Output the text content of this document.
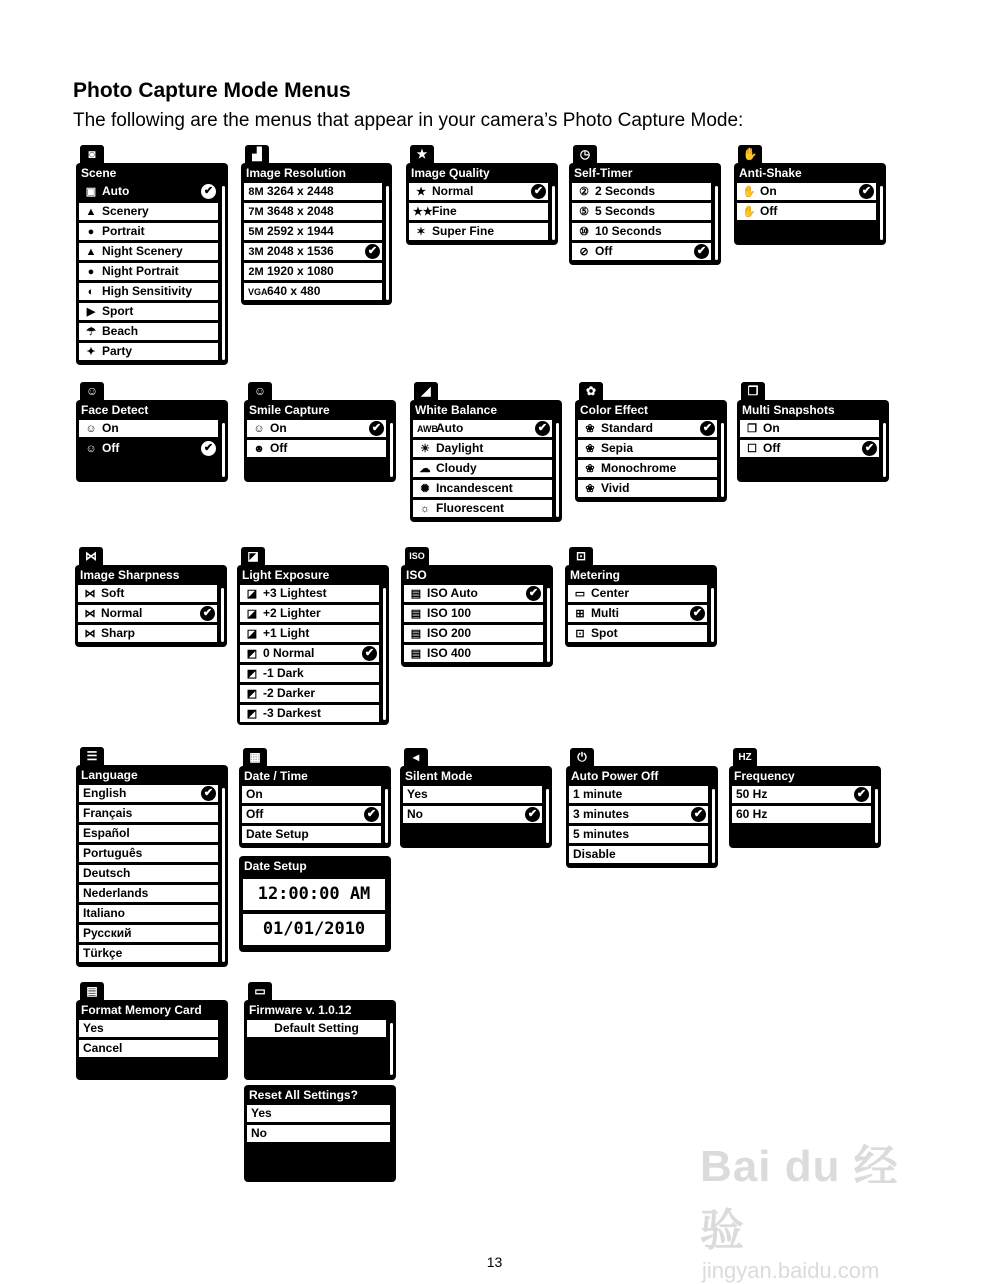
Photo Capture Mode Menus

The following are the menus that appear in your camera’s Photo Capture Mode:

◙
Scene
▣ Auto	✔
▲ Scenery
● Portrait
▲ Night Scenery
● Night Portrait
◐ High Sensitivity
▶ Sport
☂ Beach
✦ Party
▟
Image Resolution
8M 3264 x 2448
7M 3648 x 2048
5M 2592 x 1944
3M 2048 x 1536	✔
2M 1920 x 1080
VGA640 x 480
★
Image Quality
★ Normal	✔
★★Fine
✶ Super Fine
◷
Self-Timer
② 2 Seconds
⑤ 5 Seconds
⑩ 10 Seconds
⊘ Off	✔
✋
Anti-Shake
✋ On	✔
✋ Off
☺
Face Detect
☺ On
☺ Off	✔
☺
Smile Capture
☺ On	✔
☻ Off
◢
White Balance
AWBAuto	✔
☀ Daylight
☁ Cloudy
✺ Incandescent
☼ Fluorescent
✿
Color Effect
❀ Standard	✔
❀ Sepia
❀ Monochrome
❀ Vivid
❐
Multi Snapshots
❐ On
☐ Off	✔
⋈
Image Sharpness
⋈ Soft
⋈ Normal	✔
⋈ Sharp
◪
Light Exposure
◪ +3 Lightest
◪ +2 Lighter
◪ +1 Light
◩ 0 Normal	✔
◩ -1 Dark
◩ -2 Darker
◩ -3 Darkest
ISO
ISO
▤ ISO Auto	✔
▤ ISO 100
▤ ISO 200
▤ ISO 400
⊡
Metering
▭ Center
⊞ Multi	✔
⊡ Spot
☰
Language
English	✔
Français
Español
Português
Deutsch
Nederlands
Italiano
Русский
Türkçe
▦
Date / Time
On
Off	✔
Date Setup
Date Setup
12:00:00 AM
01/01/2010
◂
Silent Mode
Yes
No	✔
⏻
Auto Power Off
1 minute
3 minutes	✔
5 minutes
Disable
HZ
Frequency
50 Hz	✔
60 Hz
▤
Format Memory Card
Yes
Cancel
▭
Firmware v. 1.0.12
Default Setting
Reset All Settings?
Yes
No
Bai du 经验
jingyan.baidu.com
13
